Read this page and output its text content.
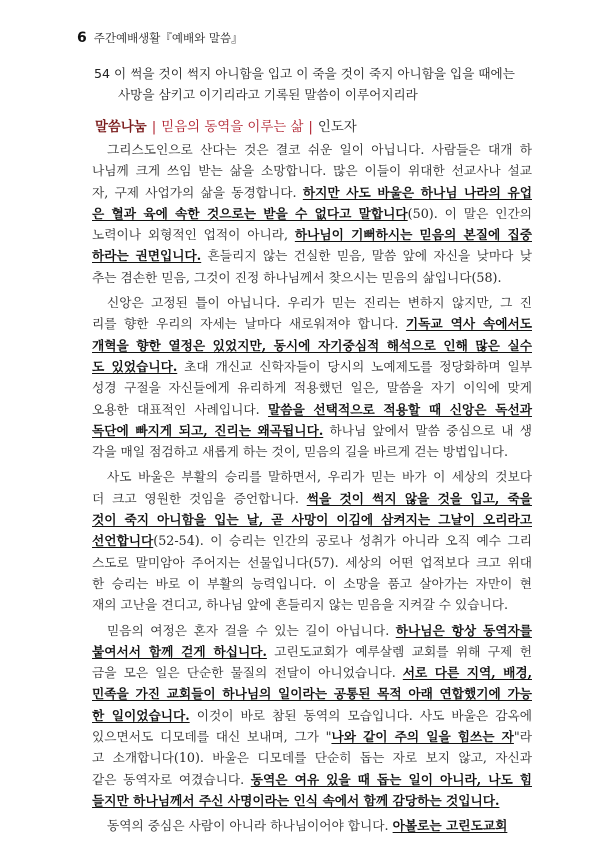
6 주간예배생활『예배와 말씀』
54 이 썩을 것이 썩지 아니함을 입고 이 죽을 것이 죽지 아니함을 입을 때에는
사망을 삼키고 이기리라고 기록된 말씀이 이루어지리라
말씀나눔 | 믿음의 동역을 이루는 삶 | 인도자
그리스도인으로 산다는 것은 결코 쉬운 일이 아닙니다. 사람들은 대개 하
나님께 크게 쓰임 받는 삶을 소망합니다. 많은 이들이 위대한 선교사나 설교
자, 구제 사업가의 삶을 동경합니다. 하지만 사도 바울은 하나님 나라의 유업
은 혈과 육에 속한 것으로는 받을 수 없다고 말합니다(50). 이 말은 인간의
노력이나 외형적인 업적이 아니라, 하나님이 기뻐하시는 믿음의 본질에 집중
하라는 권면입니다. 흔들리지 않는 건실한 믿음, 말씀 앞에 자신을 낮마다 낮
추는 겸손한 믿음, 그것이 진정 하나님께서 찾으시는 믿음의 삶입니다(58).
신앙은 고정된 틀이 아닙니다. 우리가 믿는 진리는 변하지 않지만, 그 진
리를 향한 우리의 자세는 날마다 새로워져야 합니다. 기독교 역사 속에서도
개혁을 향한 열정은 있었지만, 동시에 자기중심적 해석으로 인해 많은 실수
도 있었습니다. 초대 개신교 신학자들이 당시의 노예제도를 정당화하며 일부
성경 구절을 자신들에게 유리하게 적용했던 일은, 말씀을 자기 이익에 맞게
오용한 대표적인 사례입니다. 말씀을 선택적으로 적용할 때 신앙은 독선과
독단에 빠지게 되고, 진리는 왜곡됩니다. 하나님 앞에서 말씀 중심으로 내 생
각을 매일 점검하고 새롭게 하는 것이, 믿음의 길을 바르게 걷는 방법입니다.
사도 바울은 부활의 승리를 말하면서, 우리가 믿는 바가 이 세상의 것보다
더 크고 영원한 것임을 증언합니다. 썩을 것이 썩지 않을 것을 입고, 죽을
것이 죽지 아니함을 입는 날, 곧 사망이 이김에 삼켜지는 그날이 오리라고
선언합니다(52-54). 이 승리는 인간의 공로나 성취가 아니라 오직 예수 그리
스도로 말미암아 주어지는 선물입니다(57). 세상의 어떤 업적보다 크고 위대
한 승리는 바로 이 부활의 능력입니다. 이 소망을 품고 살아가는 자만이 현
재의 고난을 견디고, 하나님 앞에 흔들리지 않는 믿음을 지켜갈 수 있습니다.
믿음의 여정은 혼자 걸을 수 있는 길이 아닙니다. 하나님은 항상 동역자를
붙여서서 함께 걷게 하십니다. 고린도교회가 예루살렘 교회를 위해 구제 헌
금을 모은 일은 단순한 물질의 전달이 아니었습니다. 서로 다른 지역, 배경,
민족을 가진 교회들이 하나님의 일이라는 공통된 목적 아래 연합했기에 가능
한 일이었습니다. 이것이 바로 참된 동역의 모습입니다. 사도 바울은 감옥에
있으면서도 디모데를 대신 보내며, 그가 "나와 같이 주의 일을 힘쓰는 자"라
고 소개합니다(10). 바울은 디모데를 단순히 돕는 자로 보지 않고, 자신과
같은 동역자로 여겼습니다. 동역은 여유 있을 때 돕는 일이 아니라, 나도 힘
들지만 하나님께서 주신 사명이라는 인식 속에서 함께 감당하는 것입니다.
동역의 중심은 사람이 아니라 하나님이어야 합니다. 아볼로는 고린도교회
